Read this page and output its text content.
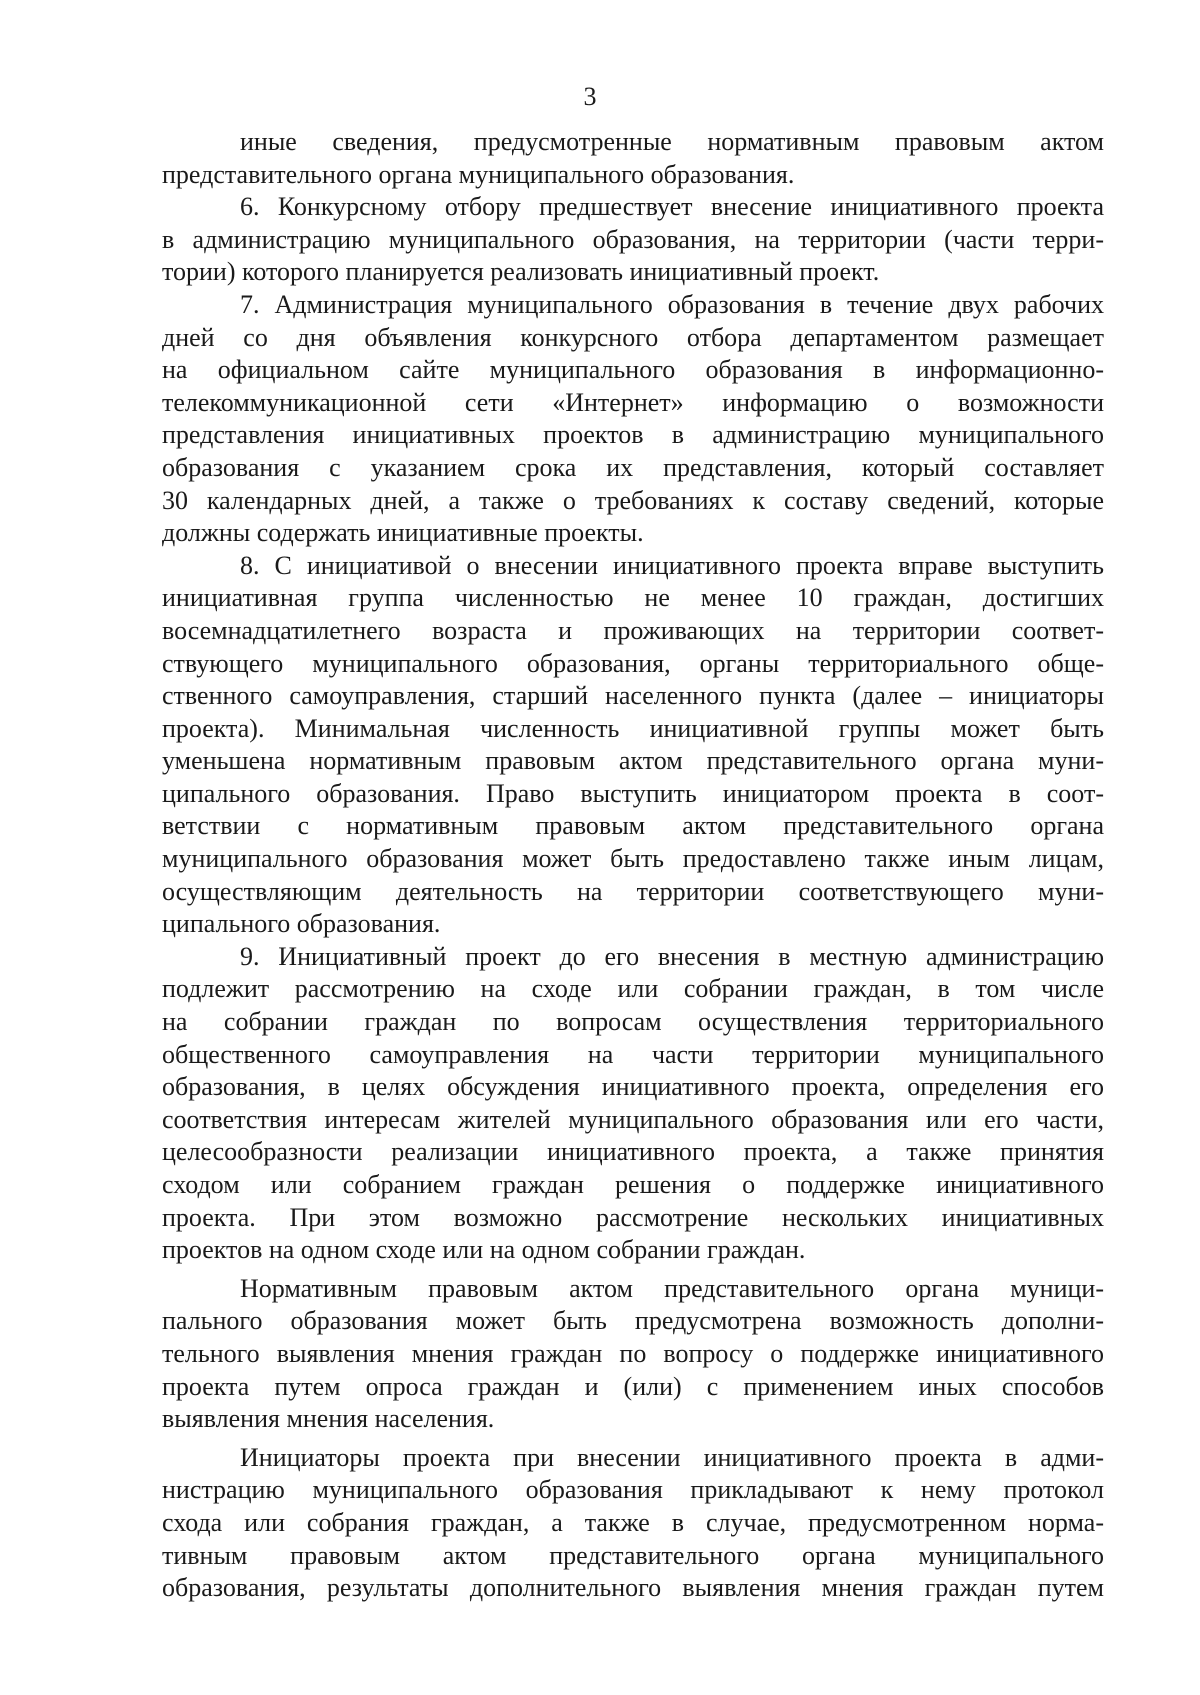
3
иные сведения, предусмотренные нормативным правовым актом
представительного органа муниципального образования.
6. Конкурсному отбору предшествует внесение инициативного проекта
в администрацию муниципального образования, на территории (части терри-
тории) которого планируется реализовать инициативный проект.
7. Администрация муниципального образования в течение двух рабочих
дней со дня объявления конкурсного отбора департаментом размещает
на официальном сайте муниципального образования в информационно-
телекоммуникационной сети «Интернет» информацию о возможности
представления инициативных проектов в администрацию муниципального
образования с указанием срока их представления, который составляет
30 календарных дней, а также о требованиях к составу сведений, которые
должны содержать инициативные проекты.
8. С инициативой о внесении инициативного проекта вправе выступить
инициативная группа численностью не менее 10 граждан, достигших
восемнадцатилетнего возраста и проживающих на территории соответ-
ствующего муниципального образования, органы территориального обще-
ственного самоуправления, старший населенного пункта (далее – инициаторы
проекта). Минимальная численность инициативной группы может быть
уменьшена нормативным правовым актом представительного органа муни-
ципального образования. Право выступить инициатором проекта в соот-
ветствии с нормативным правовым актом представительного органа
муниципального образования может быть предоставлено также иным лицам,
осуществляющим деятельность на территории соответствующего муни-
ципального образования.
9. Инициативный проект до его внесения в местную администрацию
подлежит рассмотрению на сходе или собрании граждан, в том числе
на собрании граждан по вопросам осуществления территориального
общественного самоуправления на части территории муниципального
образования, в целях обсуждения инициативного проекта, определения его
соответствия интересам жителей муниципального образования или его части,
целесообразности реализации инициативного проекта, а также принятия
сходом или собранием граждан решения о поддержке инициативного
проекта. При этом возможно рассмотрение нескольких инициативных
проектов на одном сходе или на одном собрании граждан.
Нормативным правовым актом представительного органа муници-
пального образования может быть предусмотрена возможность дополни-
тельного выявления мнения граждан по вопросу о поддержке инициативного
проекта путем опроса граждан и (или) с применением иных способов
выявления мнения населения.
Инициаторы проекта при внесении инициативного проекта в адми-
нистрацию муниципального образования прикладывают к нему протокол
схода или собрания граждан, а также в случае, предусмотренном норма-
тивным правовым актом представительного органа муниципального
образования, результаты дополнительного выявления мнения граждан путем
